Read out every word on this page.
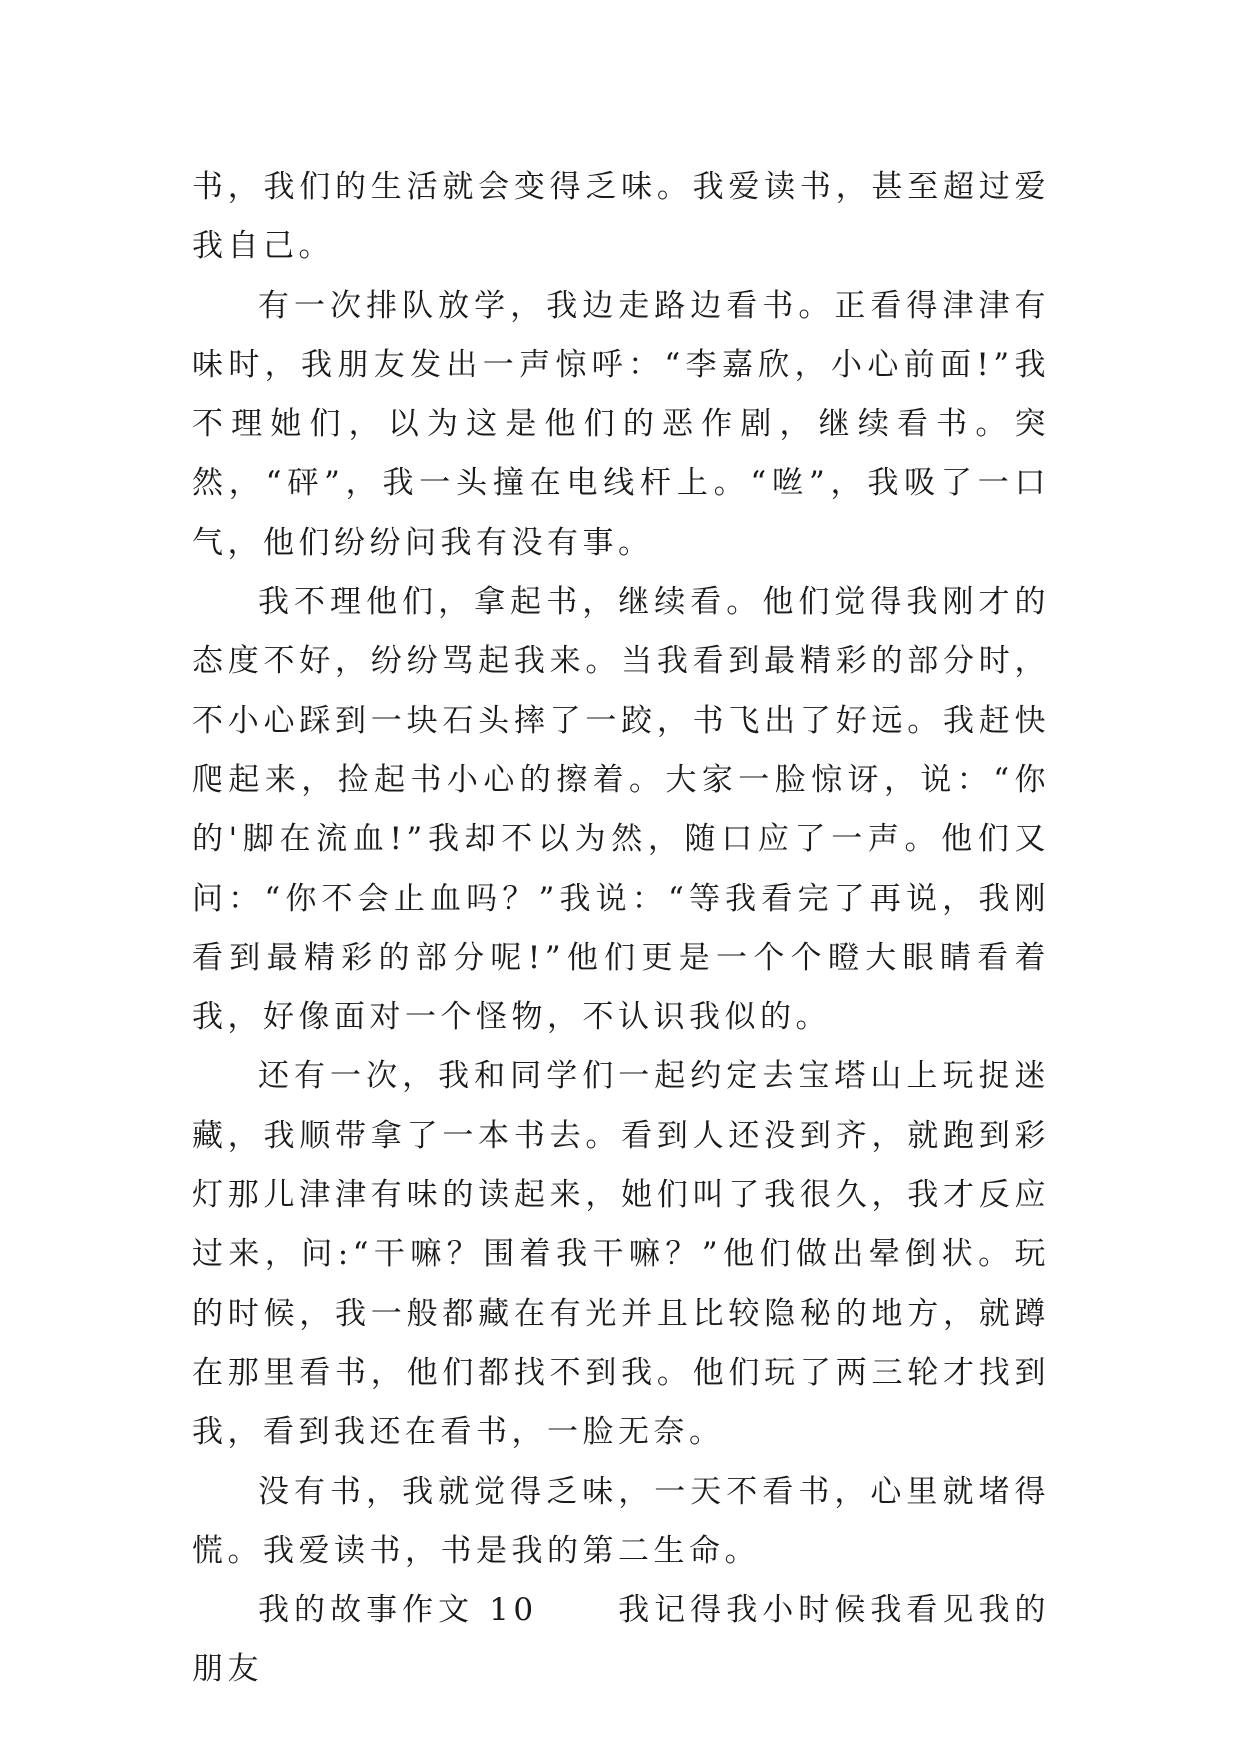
书，我们的生活就会变得乏味。我爱读书，甚至超过爱我自己。

有一次排队放学，我边走路边看书。正看得津津有味时，我朋友发出一声惊呼：“李嘉欣，小心前面!”我不理她们，以为这是他们的恶作剧，继续看书。突然，“砰”，我一头撞在电线杆上。“咝”，我吸了一口气，他们纷纷问我有没有事。

我不理他们，拿起书，继续看。他们觉得我刚才的态度不好，纷纷骂起我来。当我看到最精彩的部分时，不小心踩到一块石头摔了一跤，书飞出了好远。我赶快爬起来，捡起书小心的擦着。大家一脸惊讶，说：“你的'脚在流血!”我却不以为然，随口应了一声。他们又问：“你不会止血吗？”我说：“等我看完了再说，我刚看到最精彩的部分呢!”他们更是一个个瞪大眼睛看着我，好像面对一个怪物，不认识我似的。

还有一次，我和同学们一起约定去宝塔山上玩捉迷藏，我顺带拿了一本书去。看到人还没到齐，就跑到彩灯那儿津津有味的读起来，她们叫了我很久，我才反应过来，问:“干嘛？围着我干嘛？”他们做出晕倒状。玩的时候，我一般都藏在有光并且比较隐秘的地方，就蹲在那里看书，他们都找不到我。他们玩了两三轮才找到我，看到我还在看书，一脸无奈。

没有书，我就觉得乏味，一天不看书，心里就堵得慌。我爱读书，书是我的第二生命。

我的故事作文 10	我记得我小时候我看见我的朋友
